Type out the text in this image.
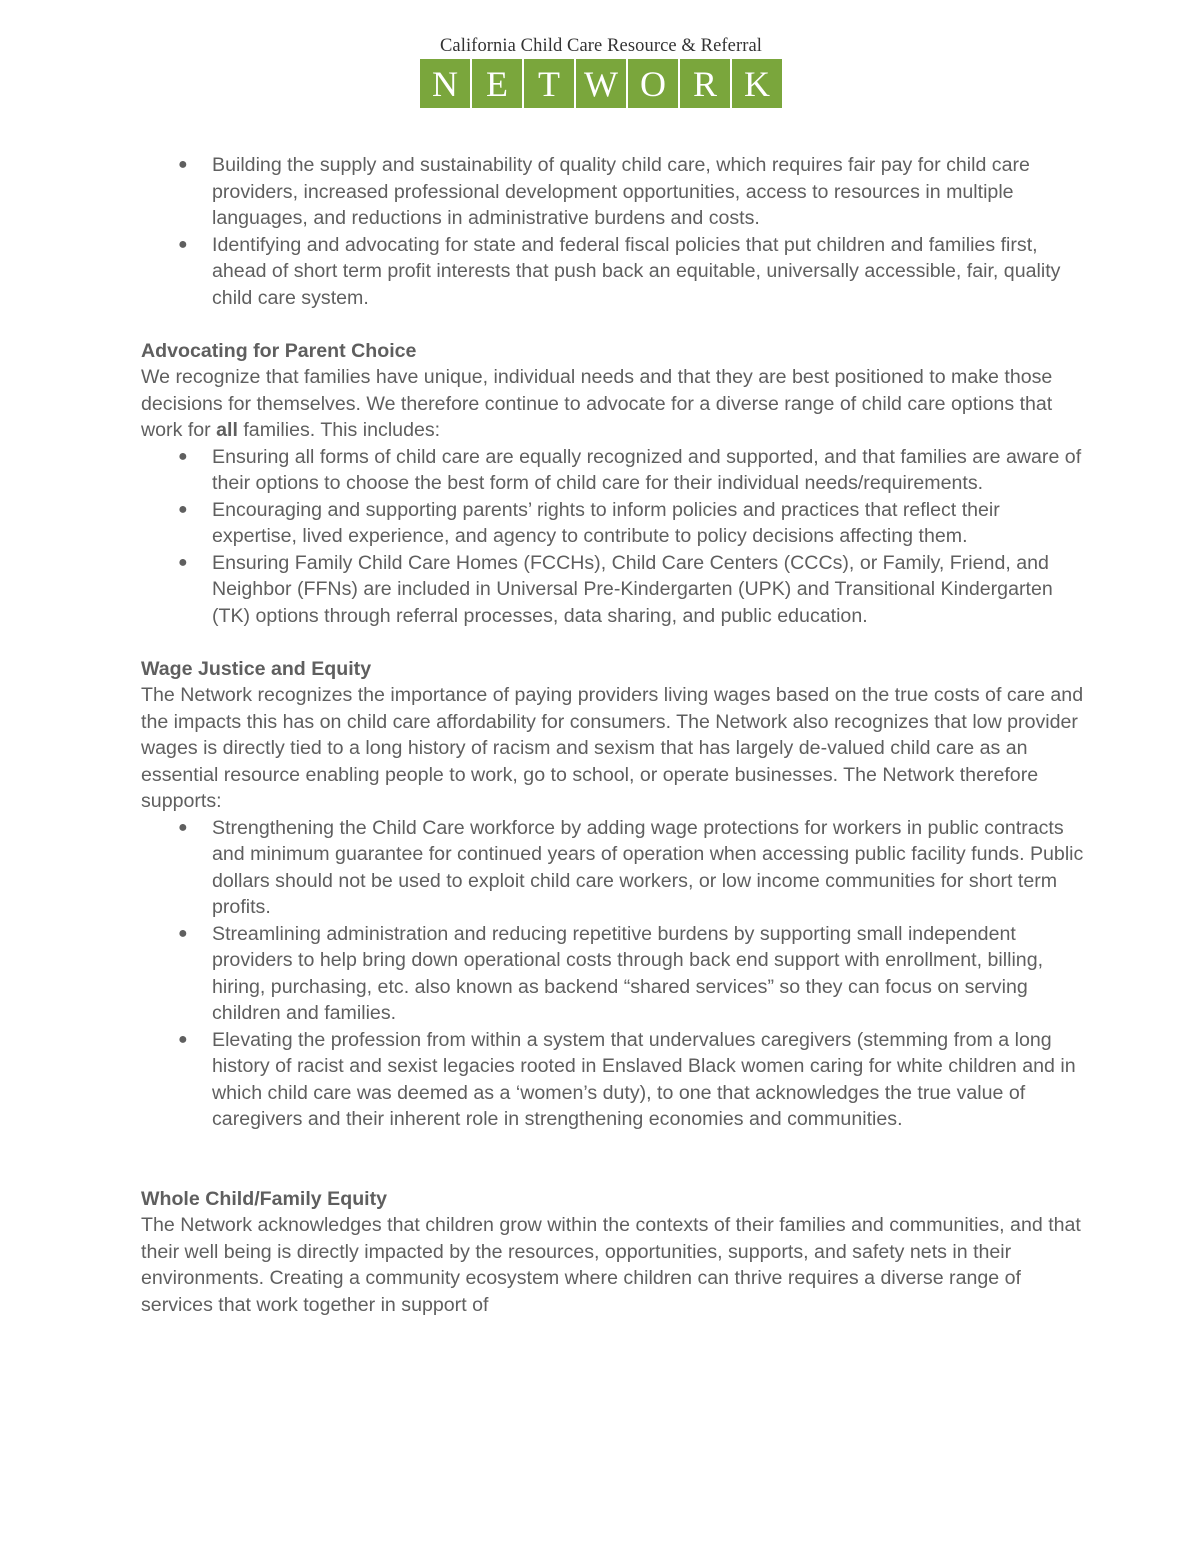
California Child Care Resource & Referral
N E T W O R K
● Building the supply and sustainability of quality child care, which requires fair pay for child care providers, increased professional development opportunities, access to resources in multiple languages, and reductions in administrative burdens and costs.
● Identifying and advocating for state and federal fiscal policies that put children and families first, ahead of short term profit interests that push back an equitable, universally accessible, fair, quality child care system.

Advocating for Parent Choice

We recognize that families have unique, individual needs and that they are best positioned to make those decisions for themselves. We therefore continue to advocate for a diverse range of child care options that work for all families. This includes:

● Ensuring all forms of child care are equally recognized and supported, and that families are aware of their options to choose the best form of child care for their individual needs/requirements.
● Encouraging and supporting parents’ rights to inform policies and practices that reflect their expertise, lived experience, and agency to contribute to policy decisions affecting them.
● Ensuring Family Child Care Homes (FCCHs), Child Care Centers (CCCs), or Family, Friend, and Neighbor (FFNs) are included in Universal Pre-Kindergarten (UPK) and Transitional Kindergarten (TK) options through referral processes, data sharing, and public education.

Wage Justice and Equity

The Network recognizes the importance of paying providers living wages based on the true costs of care and the impacts this has on child care affordability for consumers. The Network also recognizes that low provider wages is directly tied to a long history of racism and sexism that has largely de-valued child care as an essential resource enabling people to work, go to school, or operate businesses. The Network therefore supports:

● Strengthening the Child Care workforce by adding wage protections for workers in public contracts and minimum guarantee for continued years of operation when accessing public facility funds. Public dollars should not be used to exploit child care workers, or low income communities for short term profits.
● Streamlining administration and reducing repetitive burdens by supporting small independent providers to help bring down operational costs through back end support with enrollment, billing, hiring, purchasing, etc. also known as backend “shared services” so they can focus on serving children and families.
● Elevating the profession from within a system that undervalues caregivers (stemming from a long history of racist and sexist legacies rooted in Enslaved Black women caring for white children and in which child care was deemed as a ‘women’s duty), to one that acknowledges the true value of caregivers and their inherent role in strengthening economies and communities.

Whole Child/Family Equity

The Network acknowledges that children grow within the contexts of their families and communities, and that their well being is directly impacted by the resources, opportunities, supports, and safety nets in their environments. Creating a community ecosystem where children can thrive requires a diverse range of services that work together in support of
